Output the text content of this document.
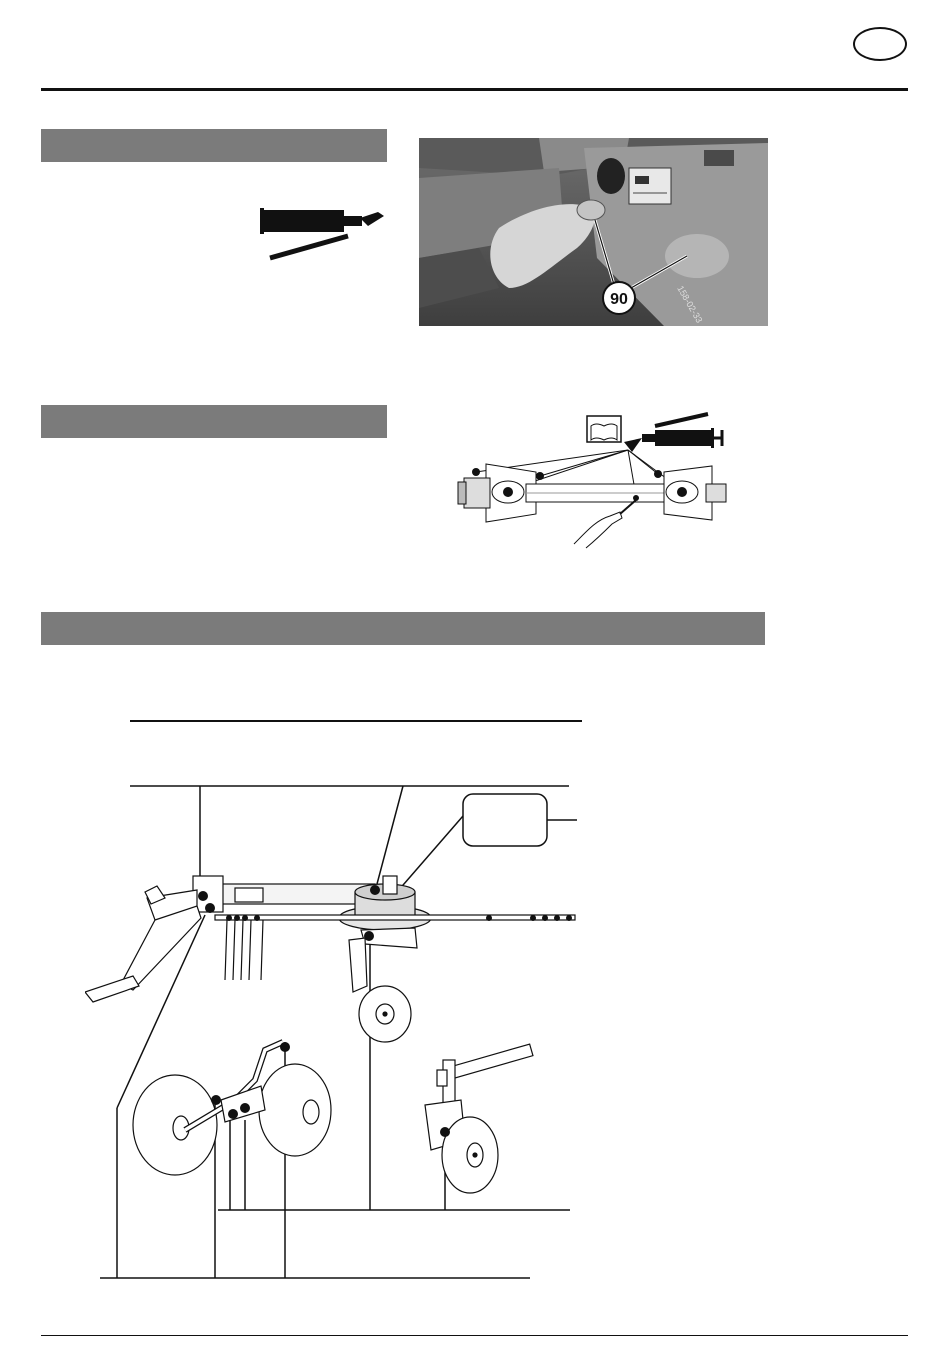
90	158-02-33
